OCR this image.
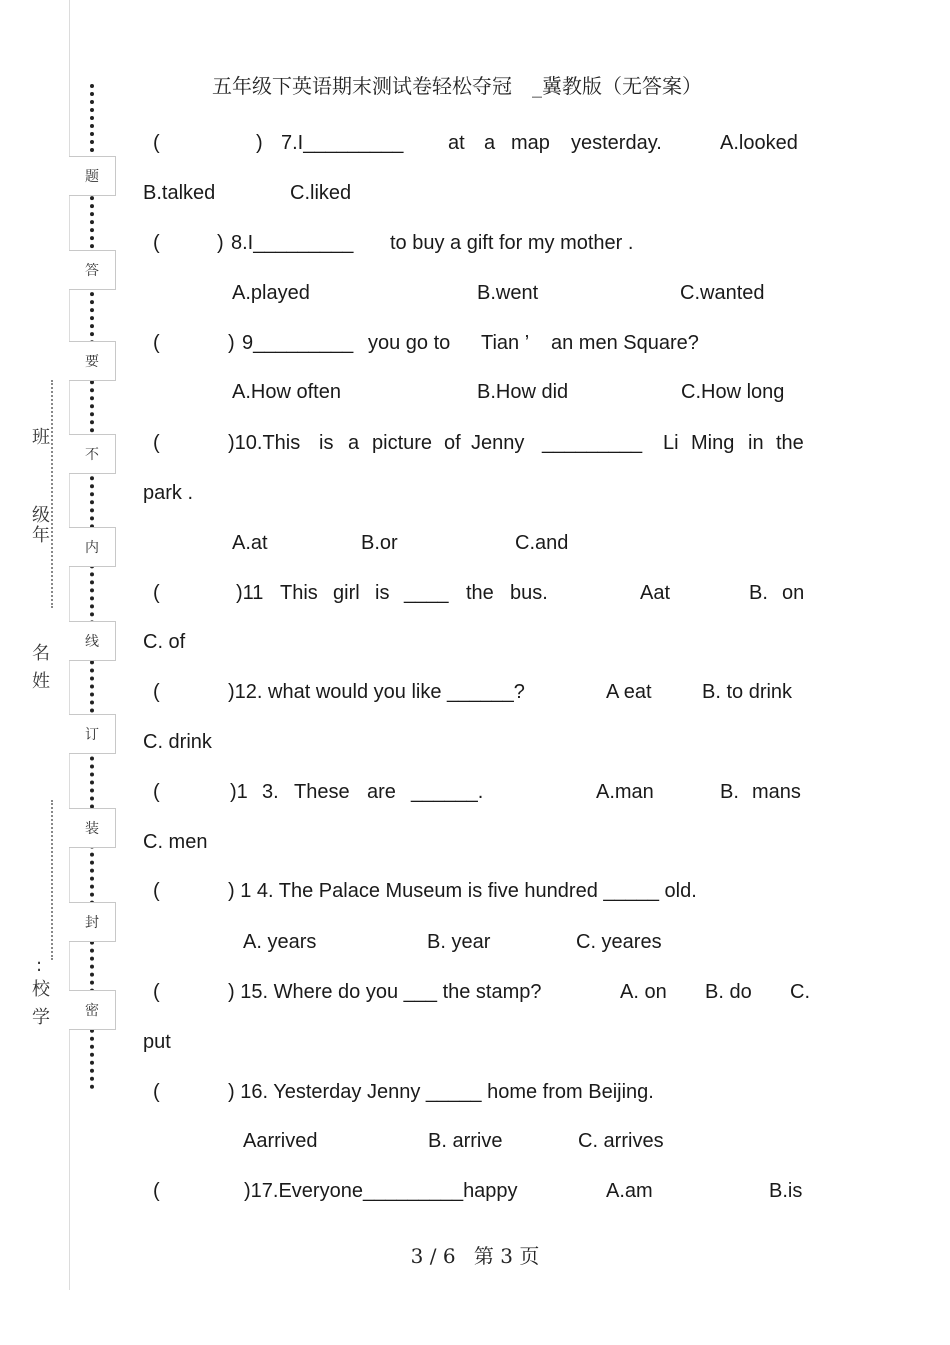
题
答
要
不
内
线
订
装
封
密
班
级年
名姓
:
校学
五年级下英语期末测试卷轻松夺冠　_冀教版（无答案）
(	) 7.I_________ at a map yesterday.	A.looked
B.talked	C.liked
(	) 8.I_________ to buy a gift for my mother .
A.played	B.went	C.wanted
(	) 9_________ you go to Tian ’ an men Square?
A.How often	B.How did	C.How long
(	)10.This is a picture of Jenny _________ Li Ming in the
park .
A.at	B.or	C.and
(	)11 This girl is ____ the bus.	Aat	B. on
C. of
(	)12. what would you like ______?	A eat	B. to drink
C. drink
(	)1 3. These are ______.	A.man	B. mans
C. men
(	) 1 4. The Palace Museum is five hundred _____ old.
A. years	B. year	C. yeares
(	) 15. Where do you ___ the stamp?	A. on B. do C.
put
(	) 16. Yesterday Jenny _____ home from Beijing.
Aarrived	B. arrive	C. arrives
(	)17.Everyone_________happy	A.am	B.is
3 / 6 第 3 页
